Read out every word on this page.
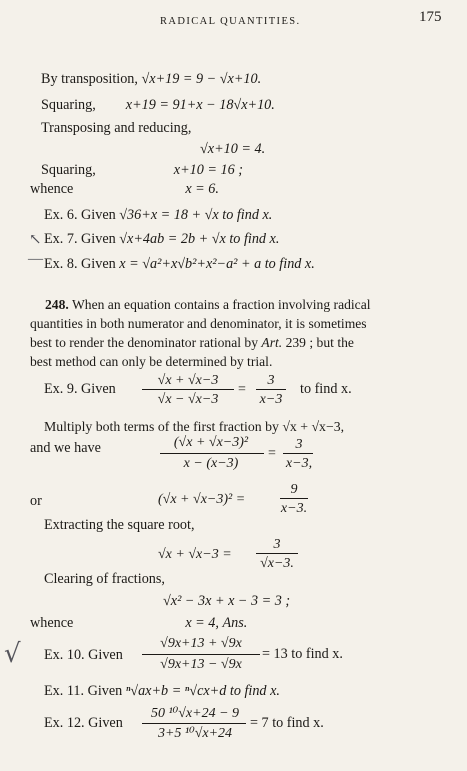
RADICAL QUANTITIES.	175
By transposition, √x+19 = 9 − √x+10.
Squaring, x+19 = 91+x − 18√x+10.
Transposing and reducing,
√x+10 = 4.
Squaring,	x+10 = 16 ;
whence	x = 6.
↖
—
Ex. 6. Given √36+x = 18 + √x to find x.
Ex. 7. Given √x+4ab = 2b + √x to find x.
Ex. 8. Given x = √a²+x√b²+x²−a² + a to find x.
248. When an equation contains a fraction involving radical
quantities in both numerator and denominator, it is sometimes
best to render the denominator rational by Art. 239 ; but the
best method can only be determined by trial.
Ex. 9. Given
√x + √x−3
√x − √x−3
=
3
x−3
to find x.
Multiply both terms of the first fraction by √x + √x−3,
and we have	(√x + √x−3)²
x − (x−3)
=
3
x−3,
or	(√x + √x−3)² =
9
x−3.
Extracting the square root,
√x + √x−3 =
3
√x−3.
Clearing of fractions,
√x² − 3x + x − 3 = 3 ;
whence	x = 4, Ans.
√ Ex. 10. Given
√9x+13 + √9x
√9x+13 − √9x
= 13 to find x.
Ex. 11. Given ⁿ√ax+b = ⁿ√cx+d to find x.
Ex. 12. Given
50 ¹⁰√x+24 − 9
3+5 ¹⁰√x+24
= 7 to find x.
